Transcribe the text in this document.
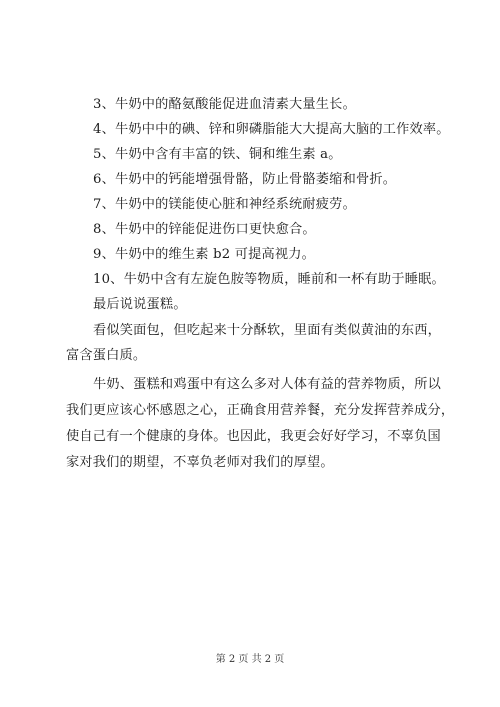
3、牛奶中的酪氨酸能促进血清素大量生长。
4、牛奶中中的碘、锌和卵磷脂能大大提高大脑的工作效率。
5、牛奶中含有丰富的铁、铜和维生素 a。
6、牛奶中的钙能增强骨骼，防止骨骼萎缩和骨折。
7、牛奶中的镁能使心脏和神经系统耐疲劳。
8、牛奶中的锌能促进伤口更快愈合。
9、牛奶中的维生素 b2 可提高视力。
10、牛奶中含有左旋色胺等物质，睡前和一杯有助于睡眠。
最后说说蛋糕。
看似笑面包，但吃起来十分酥软，里面有类似黄油的东西，
富含蛋白质。
牛奶、蛋糕和鸡蛋中有这么多对人体有益的营养物质，所以
我们更应该心怀感恩之心，正确食用营养餐，充分发挥营养成分，
使自己有一个健康的身体。也因此，我更会好好学习，不辜负国
家对我们的期望，不辜负老师对我们的厚望。
第 2 页 共 2 页
